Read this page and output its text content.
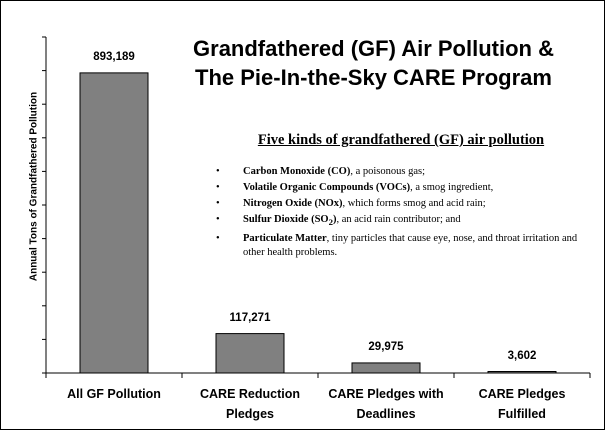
Annual Tons of Grandfathered Pollution
Grandfathered (GF) Air Pollution &
The Pie-In-the-Sky CARE Program
Five kinds of grandfathered (GF) air pollution
• Carbon Monoxide (CO), a poisonous gas;
• Volatile Organic Compounds (VOCs), a smog ingredient,
• Nitrogen Oxide (NOx), which forms smog and acid rain;
• Sulfur Dioxide $(SO_2)$, an acid rain contributor; and
• Particulate Matter, tiny particles that cause eye, nose, and throat irritation and other health problems.
893,189
All GF Pollution
117,271
CARE Reduction
Pledges
29,975
CARE Pledges with
Deadlines
3,602
CARE Pledges
Fulfilled
